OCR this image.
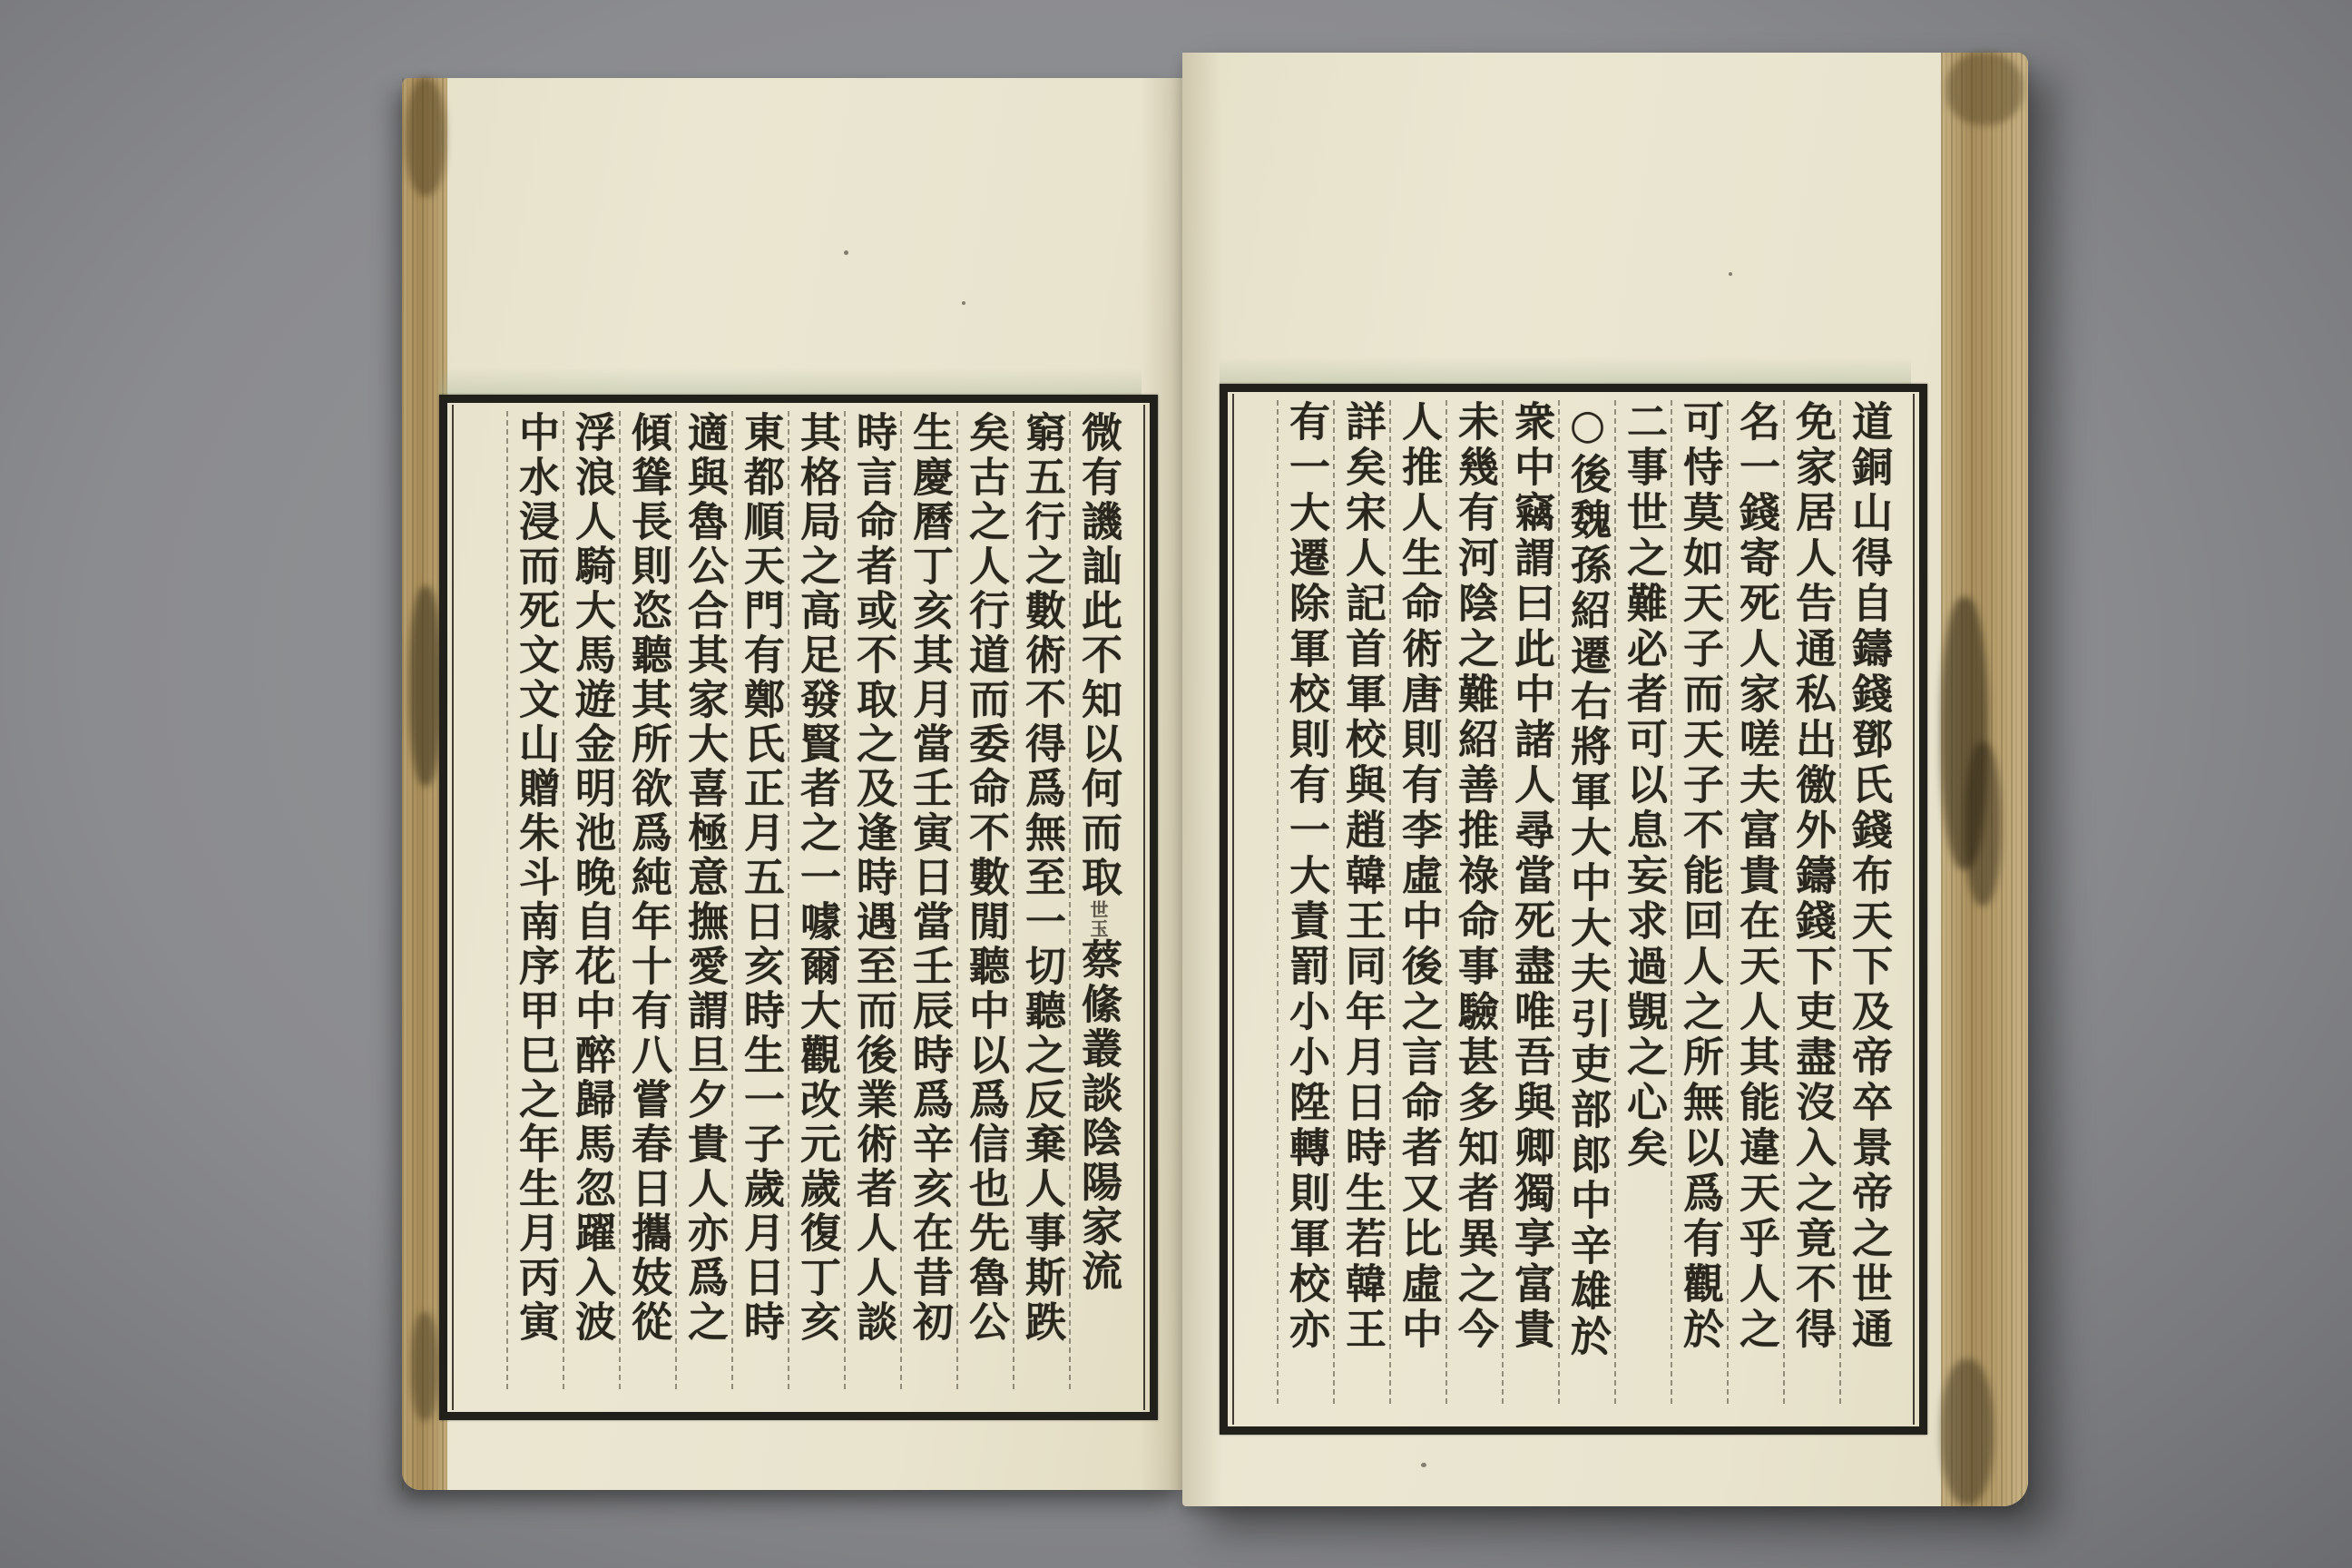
道銅山得自鑄錢鄧氏錢布天下及帝卒景帝之世通
免家居人告通私出徼外鑄錢下吏盡沒入之竟不得
名一錢寄死人家嗟夫富貴在天人其能違天乎人之
可恃莫如天子而天子不能回人之所無以爲有觀於
二事世之難必者可以息妄求過覬之心矣
○後魏孫紹遷右將軍大中大夫引吏部郎中辛雄於
衆中竊謂曰此中諸人尋當死盡唯吾與卿獨享富貴
未幾有河陰之難紹善推祿命事驗甚多知者異之今
人推人生命術唐則有李虛中後之言命者又比虛中
詳矣宋人記首軍校與趙韓王同年月日時生若韓王
有一大遷除軍校則有一大責罰小小陞轉則軍校亦
微有譏訕此不知以何而取世玉蔡絛叢談陰陽家流
窮五行之數術不得爲無至一切聽之反棄人事斯跌
矣古之人行道而委命不數閒聽中以爲信也先魯公
生慶曆丁亥其月當壬寅日當壬辰時爲辛亥在昔初
時言命者或不取之及逢時遇至而後業術者人人談
其格局之高足發賢者之一噱爾大觀改元歲復丁亥
東都順天門有鄭氏正月五日亥時生一子歲月日時
適與魯公合其家大喜極意撫愛謂旦夕貴人亦爲之
傾聳長則恣聽其所欲爲純年十有八嘗春日攜妓從
浮浪人騎大馬遊金明池晚自花中醉歸馬忽躍入波
中水浸而死文文山贈朱斗南序甲巳之年生月丙寅
